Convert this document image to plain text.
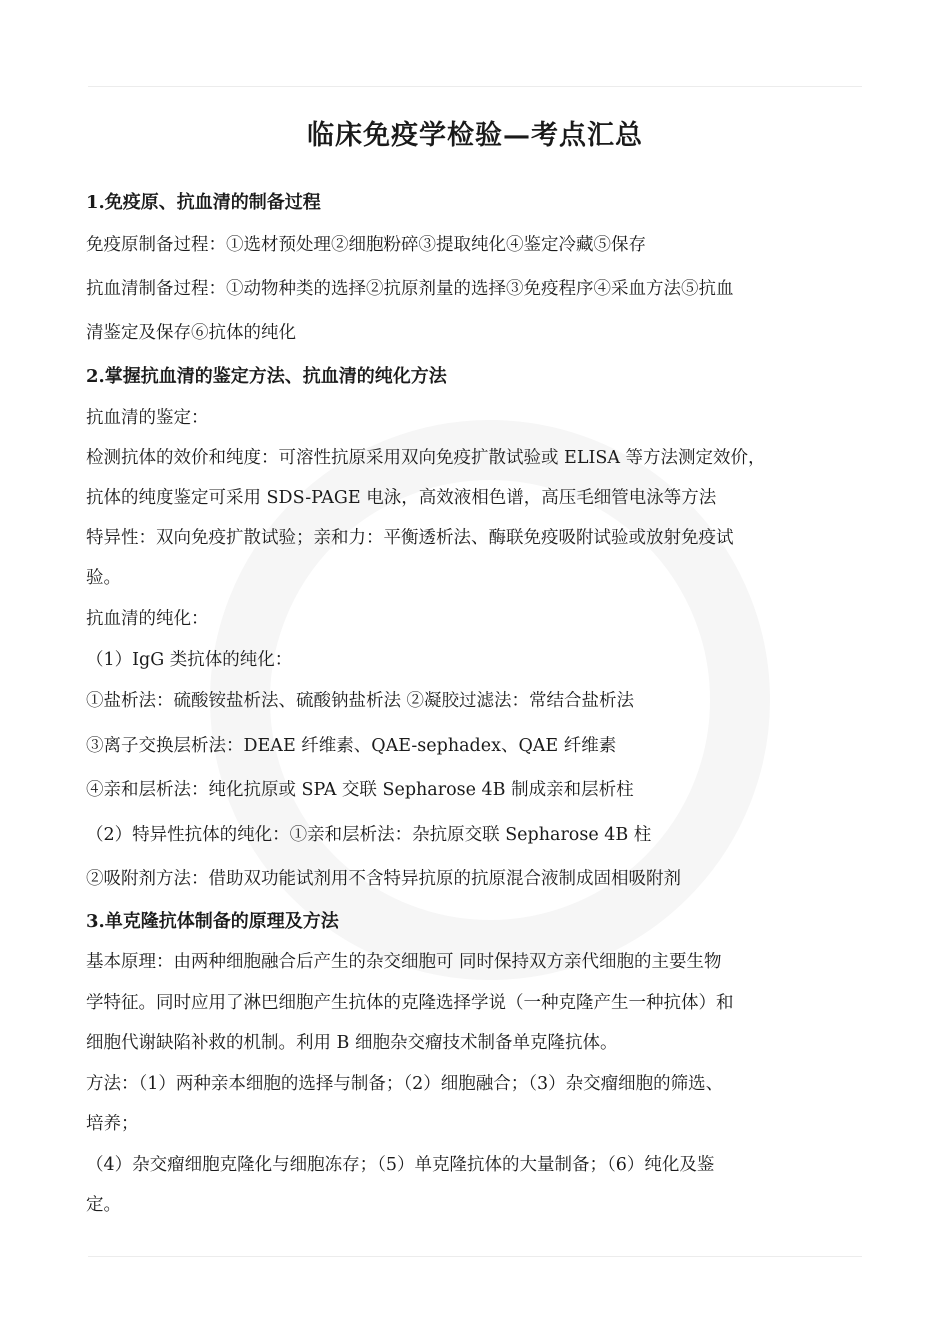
临床免疫学检验—考点汇总
1.免疫原、抗血清的制备过程
免疫原制备过程：①选材预处理②细胞粉碎③提取纯化④鉴定冷藏⑤保存
抗血清制备过程：①动物种类的选择②抗原剂量的选择③免疫程序④采血方法⑤抗血
清鉴定及保存⑥抗体的纯化
2.掌握抗血清的鉴定方法、抗血清的纯化方法
抗血清的鉴定：
检测抗体的效价和纯度：可溶性抗原采用双向免疫扩散试验或 ELISA 等方法测定效价，
抗体的纯度鉴定可采用 SDS-PAGE 电泳，高效液相色谱，高压毛细管电泳等方法
特异性：双向免疫扩散试验；亲和力：平衡透析法、酶联免疫吸附试验或放射免疫试
验。
抗血清的纯化：
（1）IgG 类抗体的纯化：
①盐析法：硫酸铵盐析法、硫酸钠盐析法 ②凝胶过滤法：常结合盐析法
③离子交换层析法：DEAE 纤维素、QAE-sephadex、QAE 纤维素
④亲和层析法：纯化抗原或 SPA 交联 Sepharose 4B 制成亲和层析柱
（2）特异性抗体的纯化：①亲和层析法：杂抗原交联 Sepharose 4B 柱
②吸附剂方法：借助双功能试剂用不含特异抗原的抗原混合液制成固相吸附剂
3.单克隆抗体制备的原理及方法
基本原理：由两种细胞融合后产生的杂交细胞可 同时保持双方亲代细胞的主要生物
学特征。同时应用了淋巴细胞产生抗体的克隆选择学说（一种克隆产生一种抗体）和
细胞代谢缺陷补救的机制。利用 B 细胞杂交瘤技术制备单克隆抗体。
方法：（1）两种亲本细胞的选择与制备；（2）细胞融合；（3）杂交瘤细胞的筛选、
培养；
（4）杂交瘤细胞克隆化与细胞冻存；（5）单克隆抗体的大量制备；（6）纯化及鉴
定。
